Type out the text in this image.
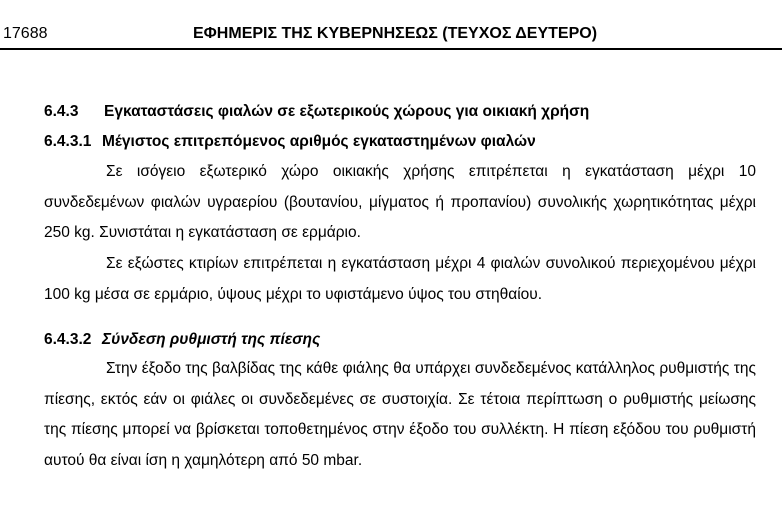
17688	ΕΦΗΜΕΡΙΣ ΤΗΣ ΚΥΒΕΡΝΗΣΕΩΣ (ΤΕΥΧΟΣ ΔΕΥΤΕΡΟ)
6.4.3 Εγκαταστάσεις φιαλών σε εξωτερικούς χώρους για οικιακή χρήση
6.4.3.1 Μέγιστος επιτρεπόμενος αριθμός εγκαταστημένων φιαλών

Σε ισόγειο εξωτερικό χώρο οικιακής χρήσης επιτρέπεται η εγκατάσταση μέχρι 10 συνδεδεμένων φιαλών υγραερίου (βουτανίου, μίγματος ή προπανίου) συνολικής χωρητικότητας μέχρι 250 kg. Συνιστάται η εγκατάσταση σε ερμάριο.

Σε εξώστες κτιρίων επιτρέπεται η εγκατάσταση μέχρι 4 φιαλών συνολικού περιεχομένου μέχρι 100 kg μέσα σε ερμάριο, ύψους μέχρι το υφιστάμενο ύψος του στηθαίου.

6.4.3.2 Σύνδεση ρυθμιστή της πίεσης

Στην έξοδο της βαλβίδας της κάθε φιάλης θα υπάρχει συνδεδεμένος κατάλληλος ρυθμιστής της πίεσης, εκτός εάν οι φιάλες οι συνδεδεμένες σε συστοιχία. Σε τέτοια περίπτωση ο ρυθμιστής μείωσης της πίεσης μπορεί να βρίσκεται τοποθετημένος στην έξοδο του συλλέκτη. Η πίεση εξόδου του ρυθμιστή αυτού θα είναι ίση η χαμηλότερη από 50 mbar.
